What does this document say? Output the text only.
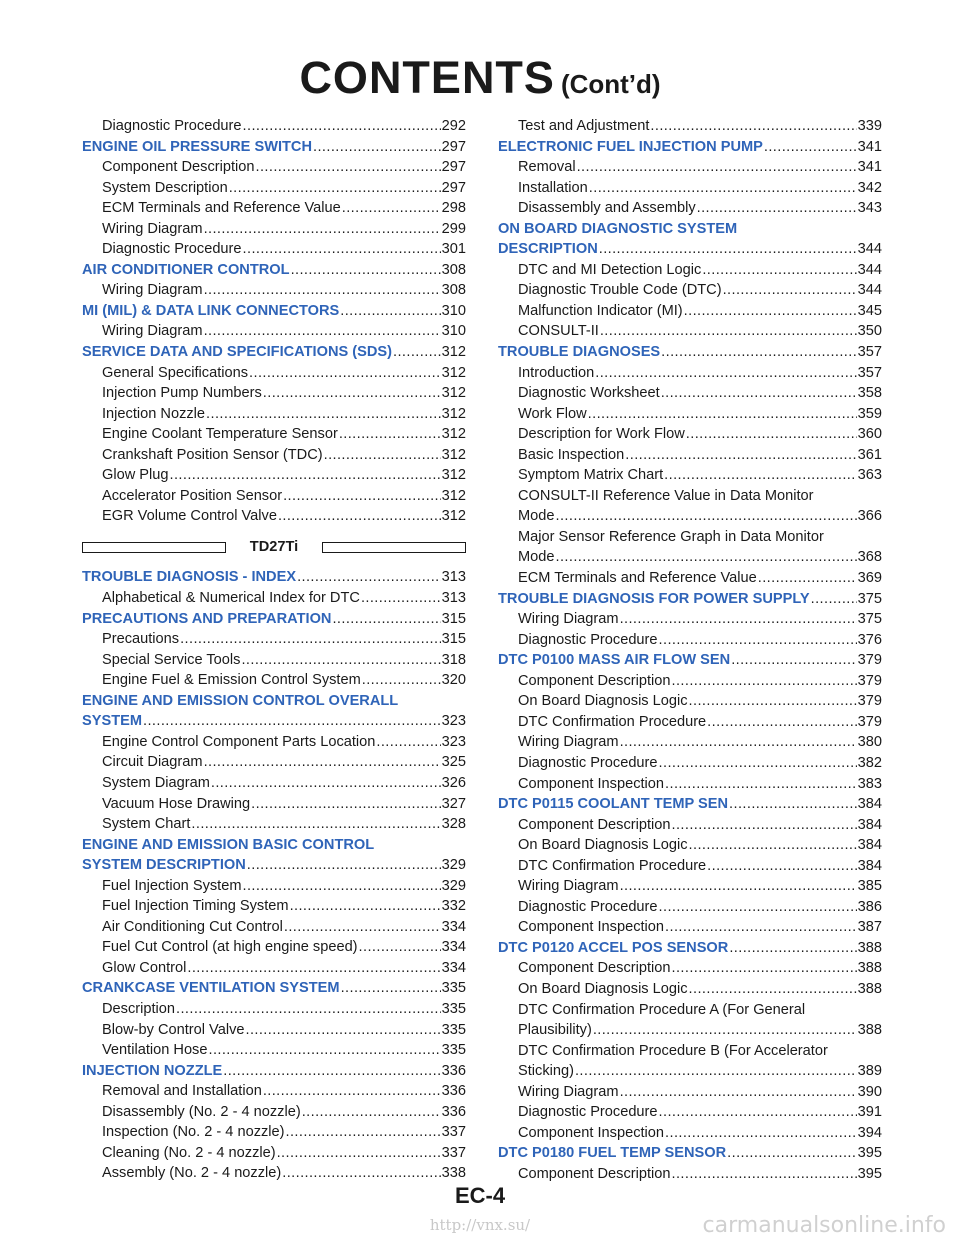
CONTENTS (Cont’d)
Diagnostic Procedure .....	292
ENGINE OIL PRESSURE SWITCH .....	297
Component Description .....	297
System Description .....	297
ECM Terminals and Reference Value .....	298
Wiring Diagram .....	299
Diagnostic Procedure .....	301
AIR CONDITIONER CONTROL .....	308
Wiring Diagram .....	308
MI (MIL) & DATA LINK CONNECTORS .....	310
Wiring Diagram .....	310
SERVICE DATA AND SPECIFICATIONS (SDS) .....	312
General Specifications .....	312
Injection Pump Numbers .....	312
Injection Nozzle .....	312
Engine Coolant Temperature Sensor .....	312
Crankshaft Position Sensor (TDC) .....	312
Glow Plug .....	312
Accelerator Position Sensor .....	312
EGR Volume Control Valve .....	312
TD27Ti
TROUBLE DIAGNOSIS - INDEX .....	313
Alphabetical & Numerical Index for DTC .....	313
PRECAUTIONS AND PREPARATION .....	315
Precautions .....	315
Special Service Tools .....	318
Engine Fuel & Emission Control System .....	320
ENGINE AND EMISSION CONTROL OVERALL
SYSTEM .....	323
Engine Control Component Parts Location .....	323
Circuit Diagram .....	325
System Diagram .....	326
Vacuum Hose Drawing .....	327
System Chart .....	328
ENGINE AND EMISSION BASIC CONTROL
SYSTEM DESCRIPTION .....	329
Fuel Injection System .....	329
Fuel Injection Timing System .....	332
Air Conditioning Cut Control .....	334
Fuel Cut Control (at high engine speed) .....	334
Glow Control .....	334
CRANKCASE VENTILATION SYSTEM .....	335
Description .....	335
Blow-by Control Valve .....	335
Ventilation Hose .....	335
INJECTION NOZZLE .....	336
Removal and Installation .....	336
Disassembly (No. 2 - 4 nozzle) .....	336
Inspection (No. 2 - 4 nozzle) .....	337
Cleaning (No. 2 - 4 nozzle) .....	337
Assembly (No. 2 - 4 nozzle) .....	338
Test and Adjustment .....	339
ELECTRONIC FUEL INJECTION PUMP .....	341
Removal .....	341
Installation .....	342
Disassembly and Assembly .....	343
ON BOARD DIAGNOSTIC SYSTEM
DESCRIPTION .....	344
DTC and MI Detection Logic .....	344
Diagnostic Trouble Code (DTC) .....	344
Malfunction Indicator (MI) .....	345
CONSULT-II .....	350
TROUBLE DIAGNOSES .....	357
Introduction .....	357
Diagnostic Worksheet .....	358
Work Flow .....	359
Description for Work Flow .....	360
Basic Inspection .....	361
Symptom Matrix Chart .....	363
CONSULT-II Reference Value in Data Monitor
Mode .....	366
Major Sensor Reference Graph in Data Monitor
Mode .....	368
ECM Terminals and Reference Value .....	369
TROUBLE DIAGNOSIS FOR POWER SUPPLY .....	375
Wiring Diagram .....	375
Diagnostic Procedure .....	376
DTC P0100 MASS AIR FLOW SEN .....	379
Component Description .....	379
On Board Diagnosis Logic .....	379
DTC Confirmation Procedure .....	379
Wiring Diagram .....	380
Diagnostic Procedure .....	382
Component Inspection .....	383
DTC P0115 COOLANT TEMP SEN .....	384
Component Description .....	384
On Board Diagnosis Logic .....	384
DTC Confirmation Procedure .....	384
Wiring Diagram .....	385
Diagnostic Procedure .....	386
Component Inspection .....	387
DTC P0120 ACCEL POS SENSOR .....	388
Component Description .....	388
On Board Diagnosis Logic .....	388
DTC Confirmation Procedure A (For General
Plausibility) .....	388
DTC Confirmation Procedure B (For Accelerator
Sticking) .....	389
Wiring Diagram .....	390
Diagnostic Procedure .....	391
Component Inspection .....	394
DTC P0180 FUEL TEMP SENSOR .....	395
Component Description .....	395
EC-4
http://vnx.su/	carmanualsonline.info
